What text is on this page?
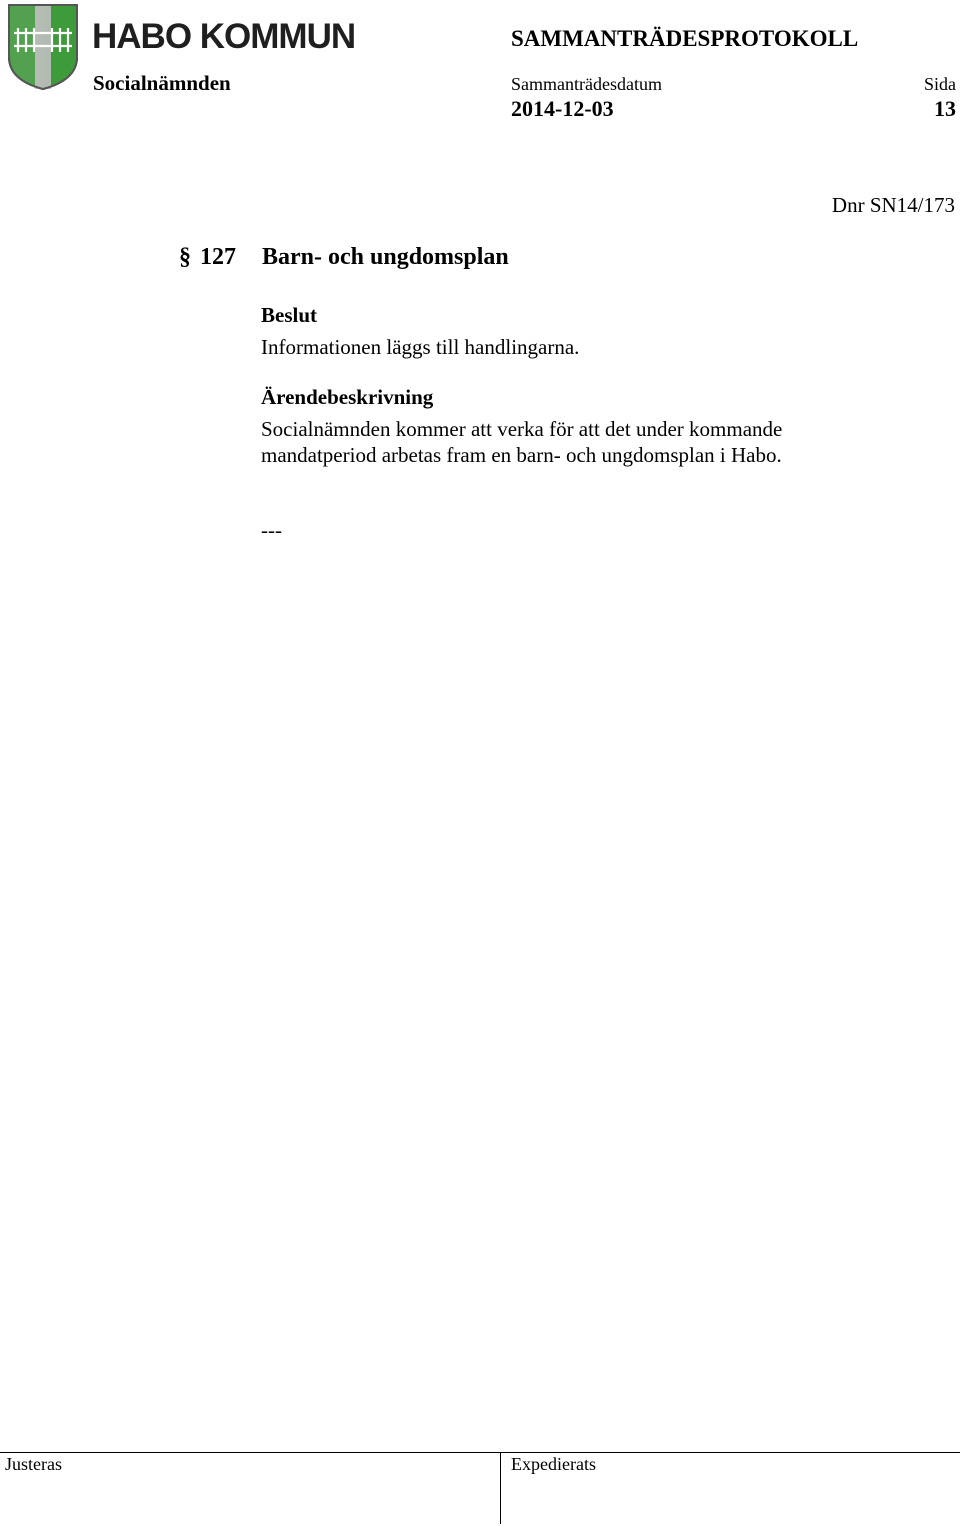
HABO KOMMUN
Socialnämnden
SAMMANTRÄDESPROTOKOLL
Sammanträdesdatum
2014-12-03
Sida
13
Dnr SN14/173
§ 127 Barn- och ungdomsplan
Beslut
Informationen läggs till handlingarna.
Ärendebeskrivning
Socialnämnden kommer att verka för att det under kommande
mandatperiod arbetas fram en barn- och ungdomsplan i Habo.
---
Justeras	Expedierats
